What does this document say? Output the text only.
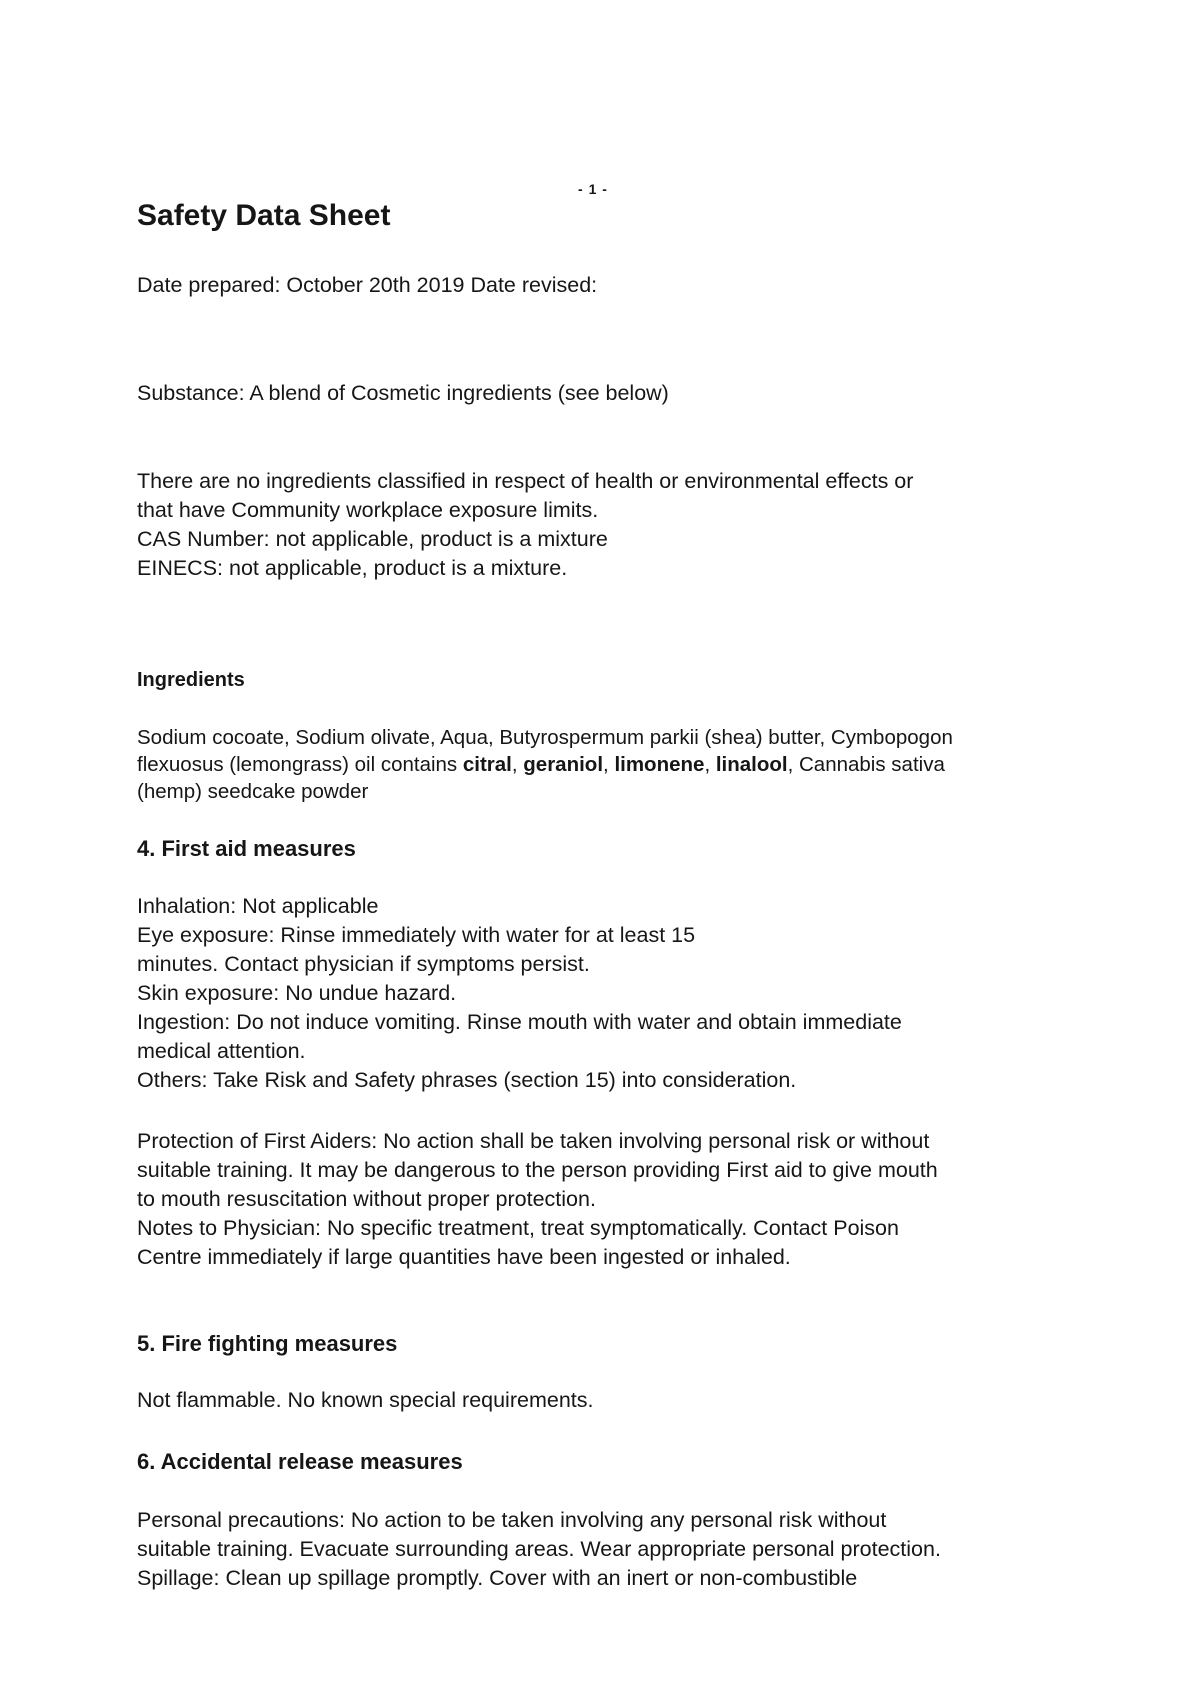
- 1 -
Safety Data Sheet
Date prepared: October 20th 2019 Date revised:
Substance: A blend of Cosmetic ingredients (see below)
There are no ingredients classified in respect of health or environmental effects or
that have Community workplace exposure limits.
CAS Number: not applicable, product is a mixture
EINECS: not applicable, product is a mixture.
Ingredients
Sodium cocoate, Sodium olivate, Aqua, Butyrospermum parkii (shea) butter, Cymbopogon
flexuosus (lemongrass) oil contains citral, geraniol, limonene, linalool, Cannabis sativa
(hemp) seedcake powder
4. First aid measures
Inhalation: Not applicable
Eye exposure: Rinse immediately with water for at least 15
minutes. Contact physician if symptoms persist.
Skin exposure: No undue hazard.
Ingestion: Do not induce vomiting. Rinse mouth with water and obtain immediate
medical attention.
Others: Take Risk and Safety phrases (section 15) into consideration.
Protection of First Aiders: No action shall be taken involving personal risk or without
suitable training. It may be dangerous to the person providing First aid to give mouth
to mouth resuscitation without proper protection.
Notes to Physician: No specific treatment, treat symptomatically. Contact Poison
Centre immediately if large quantities have been ingested or inhaled.
5. Fire fighting measures
Not flammable. No known special requirements.
6. Accidental release measures
Personal precautions: No action to be taken involving any personal risk without
suitable training. Evacuate surrounding areas. Wear appropriate personal protection.
Spillage: Clean up spillage promptly. Cover with an inert or non-combustible
